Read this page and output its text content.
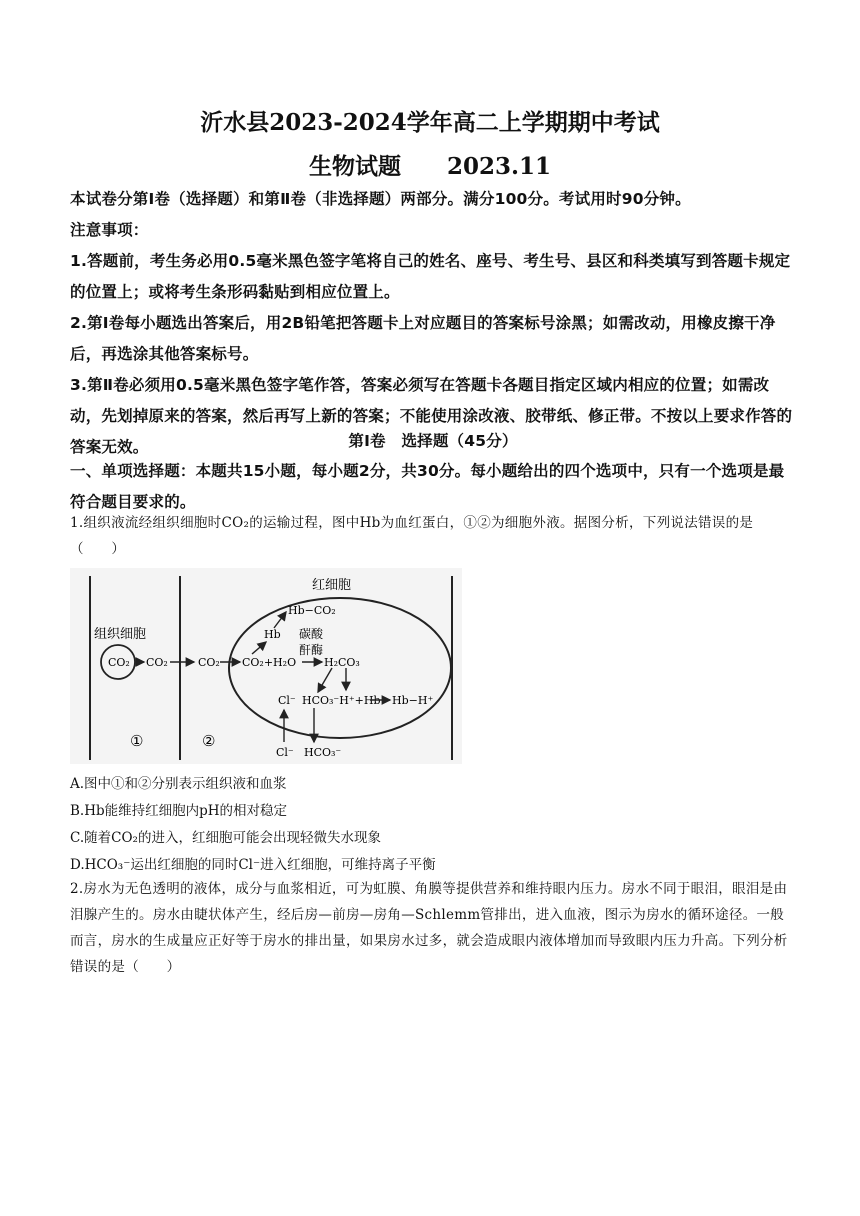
沂水县2023-2024学年高二上学期期中考试
生物试题 2023.11
本试卷分第Ⅰ卷（选择题）和第Ⅱ卷（非选择题）两部分。满分100分。考试用时90分钟。
注意事项：
1.答题前，考生务必用0.5毫米黑色签字笔将自己的姓名、座号、考生号、县区和科类填写到答题卡规定的位置上；或将考生条形码黏贴到相应位置上。
2.第Ⅰ卷每小题选出答案后，用2B铅笔把答题卡上对应题目的答案标号涂黑；如需改动，用橡皮擦干净后，再选涂其他答案标号。
3.第Ⅱ卷必须用0.5毫米黑色签字笔作答，答案必须写在答题卡各题目指定区域内相应的位置；如需改动，先划掉原来的答案，然后再写上新的答案；不能使用涂改液、胶带纸、修正带。不按以上要求作答的答案无效。	第Ⅰ卷　选择题（45分）
一、单项选择题：本题共15小题，每小题2分，共30分。每小题给出的四个选项中，只有一个选项是最符合题目要求的。
1.组织液流经组织细胞时CO₂的运输过程，图中Hb为血红蛋白，①②为细胞外液。据图分析，下列说法错误的是（　　）
红细胞
组织细胞
CO₂ CO₂	CO₂ CO₂+H₂O	H₂CO₃
Hb−CO₂
Hb 碳酸
酐酶
Cl⁻ HCO₃⁻H⁺+Hb Hb−H⁺
Cl⁻ HCO₃⁻
①	②
A.图中①和②分别表示组织液和血浆
B.Hb能维持红细胞内pH的相对稳定
C.随着CO₂的进入，红细胞可能会出现轻微失水现象
D.HCO₃⁻运出红细胞的同时Cl⁻进入红细胞，可维持离子平衡
2.房水为无色透明的液体，成分与血浆相近，可为虹膜、角膜等提供营养和维持眼内压力。房水不同于眼泪，眼泪是由泪腺产生的。房水由睫状体产生，经后房—前房—房角—Schlemm管排出，进入血液，图示为房水的循环途径。一般而言，房水的生成量应正好等于房水的排出量，如果房水过多，就会造成眼内液体增加而导致眼内压力升高。下列分析错误的是（　　）
